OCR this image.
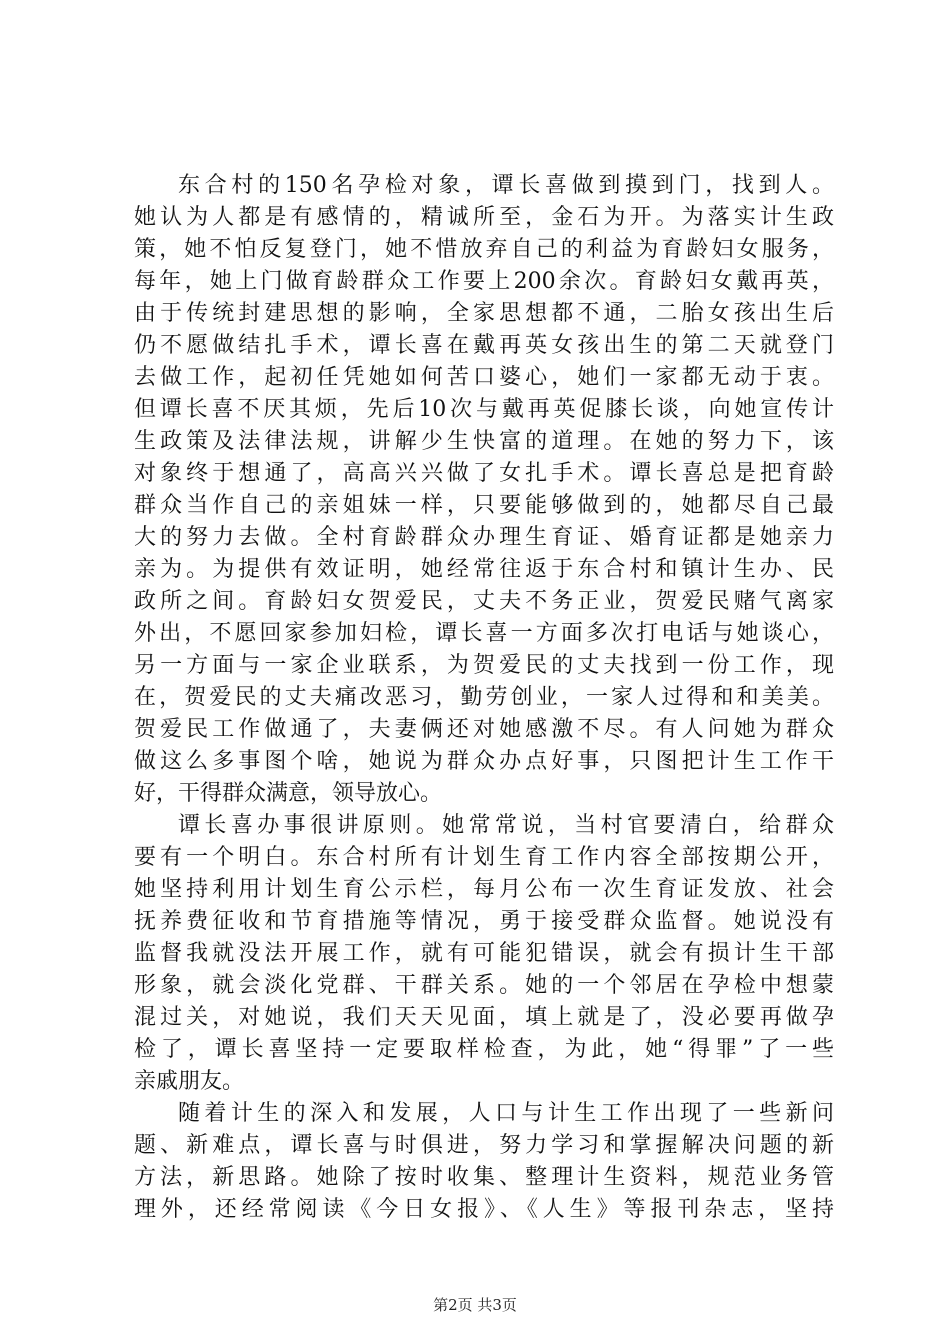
东合村的150名孕检对象，谭长喜做到摸到门，找到人。
她认为人都是有感情的，精诚所至，金石为开。为落实计生政
策，她不怕反复登门，她不惜放弃自己的利益为育龄妇女服务，
每年，她上门做育龄群众工作要上200余次。育龄妇女戴再英，
由于传统封建思想的影响，全家思想都不通，二胎女孩出生后
仍不愿做结扎手术，谭长喜在戴再英女孩出生的第二天就登门
去做工作，起初任凭她如何苦口婆心，她们一家都无动于衷。
但谭长喜不厌其烦，先后10次与戴再英促膝长谈，向她宣传计
生政策及法律法规，讲解少生快富的道理。在她的努力下，该
对象终于想通了，高高兴兴做了女扎手术。谭长喜总是把育龄
群众当作自己的亲姐妹一样，只要能够做到的，她都尽自己最
大的努力去做。全村育龄群众办理生育证、婚育证都是她亲力
亲为。为提供有效证明，她经常往返于东合村和镇计生办、民
政所之间。育龄妇女贺爱民，丈夫不务正业，贺爱民赌气离家
外出，不愿回家参加妇检，谭长喜一方面多次打电话与她谈心，
另一方面与一家企业联系，为贺爱民的丈夫找到一份工作，现
在，贺爱民的丈夫痛改恶习，勤劳创业，一家人过得和和美美。
贺爱民工作做通了，夫妻俩还对她感激不尽。有人问她为群众
做这么多事图个啥，她说为群众办点好事，只图把计生工作干
好，干得群众满意，领导放心。
谭长喜办事很讲原则。她常常说，当村官要清白，给群众
要有一个明白。东合村所有计划生育工作内容全部按期公开，
她坚持利用计划生育公示栏，每月公布一次生育证发放、社会
抚养费征收和节育措施等情况，勇于接受群众监督。她说没有
监督我就没法开展工作，就有可能犯错误，就会有损计生干部
形象，就会淡化党群、干群关系。她的一个邻居在孕检中想蒙
混过关，对她说，我们天天见面，填上就是了，没必要再做孕
检了，谭长喜坚持一定要取样检查，为此，她“得罪”了一些
亲戚朋友。
随着计生的深入和发展，人口与计生工作出现了一些新问
题、新难点，谭长喜与时俱进，努力学习和掌握解决问题的新
方法，新思路。她除了按时收集、整理计生资料，规范业务管
理外，还经常阅读《今日女报》、《人生》等报刊杂志，坚持
第2页 共3页
